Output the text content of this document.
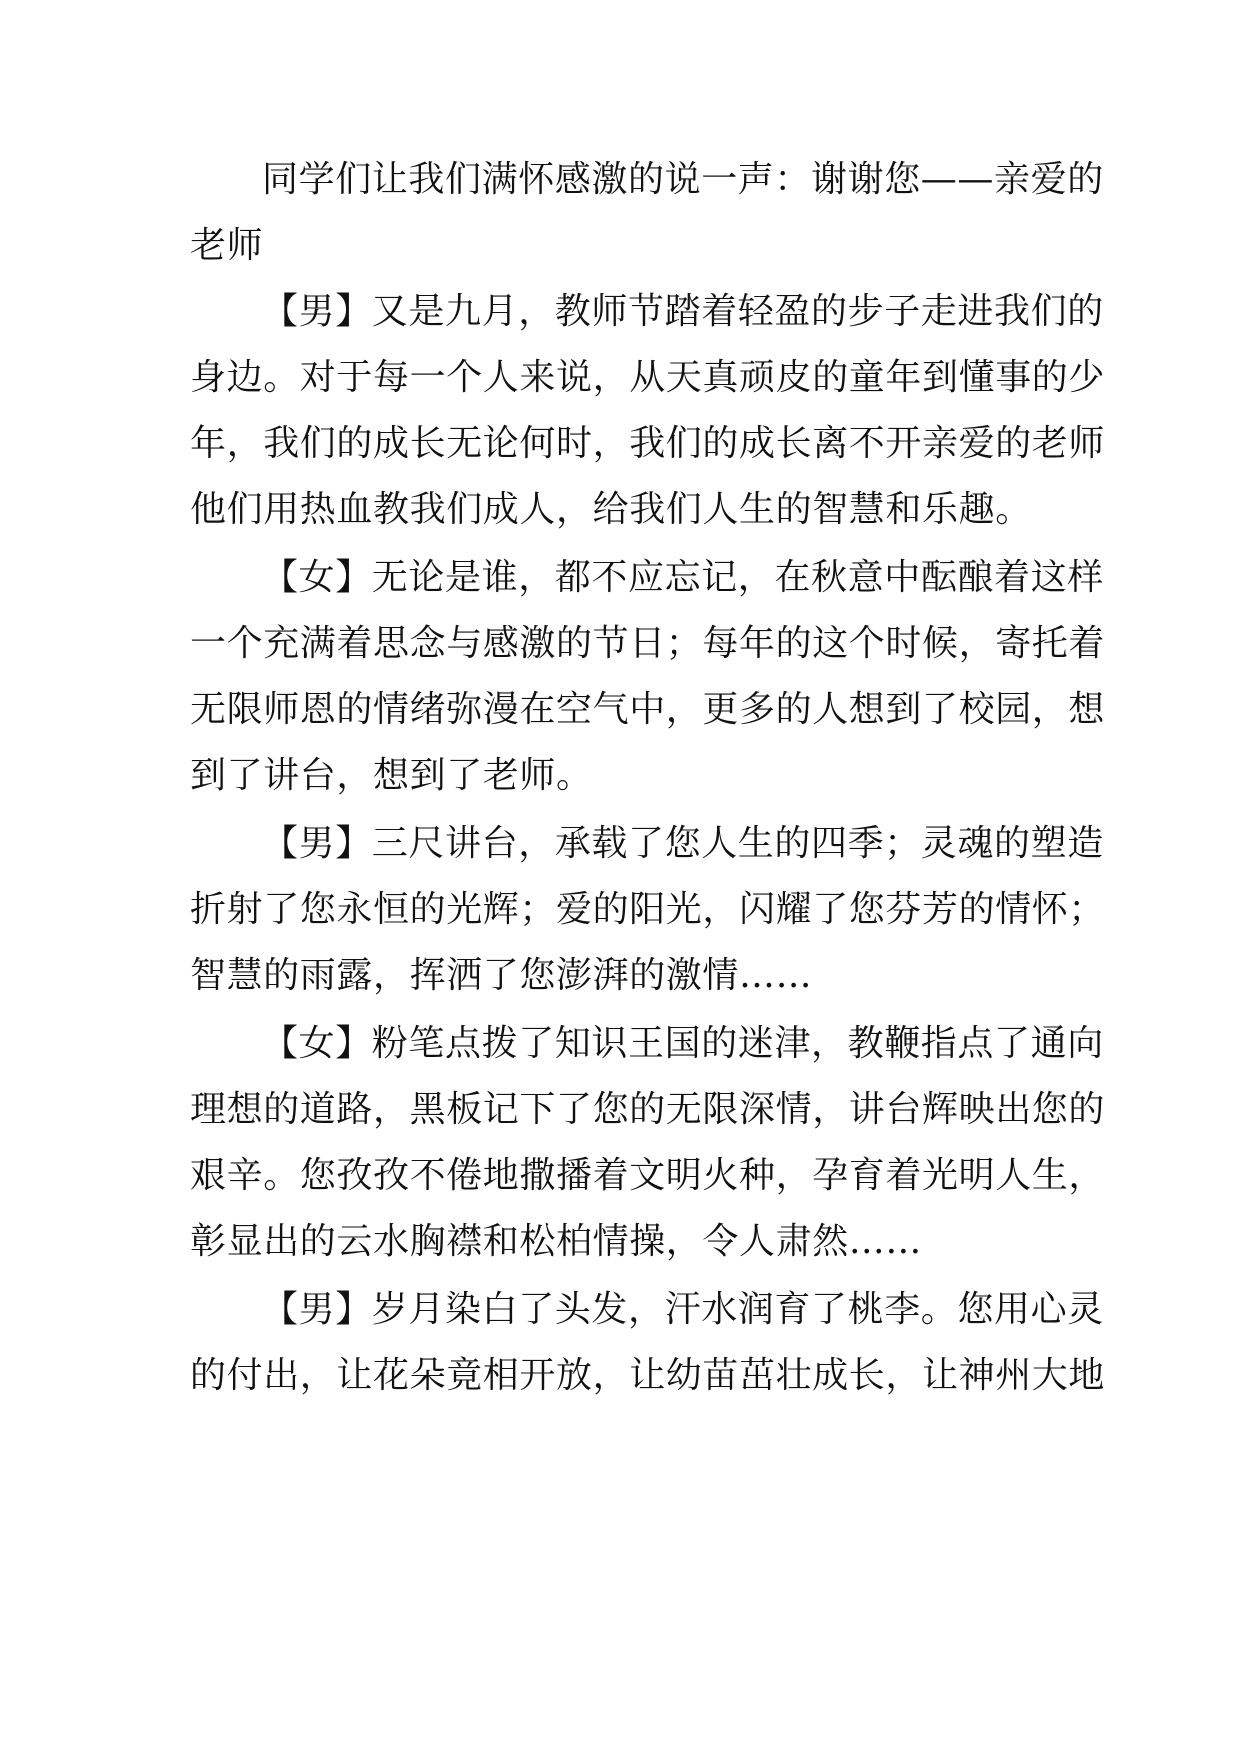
同学们让我们满怀感激的说一声：谢谢您——亲爱的
老师
【男】又是九月，教师节踏着轻盈的步子走进我们的
身边。对于每一个人来说，从天真顽皮的童年到懂事的少
年，我们的成长无论何时，我们的成长离不开亲爱的老师
他们用热血教我们成人，给我们人生的智慧和乐趣。
【女】无论是谁，都不应忘记，在秋意中酝酿着这样
一个充满着思念与感激的节日；每年的这个时候，寄托着
无限师恩的情绪弥漫在空气中，更多的人想到了校园，想
到了讲台，想到了老师。
【男】三尺讲台，承载了您人生的四季；灵魂的塑造
折射了您永恒的光辉；爱的阳光，闪耀了您芬芳的情怀；
智慧的雨露，挥洒了您澎湃的激情……
【女】粉笔点拨了知识王国的迷津，教鞭指点了通向
理想的道路，黑板记下了您的无限深情，讲台辉映出您的
艰辛。您孜孜不倦地撒播着文明火种，孕育着光明人生，
彰显出的云水胸襟和松柏情操，令人肃然……
【男】岁月染白了头发，汗水润育了桃李。您用心灵
的付出，让花朵竟相开放，让幼苗茁壮成长，让神州大地
